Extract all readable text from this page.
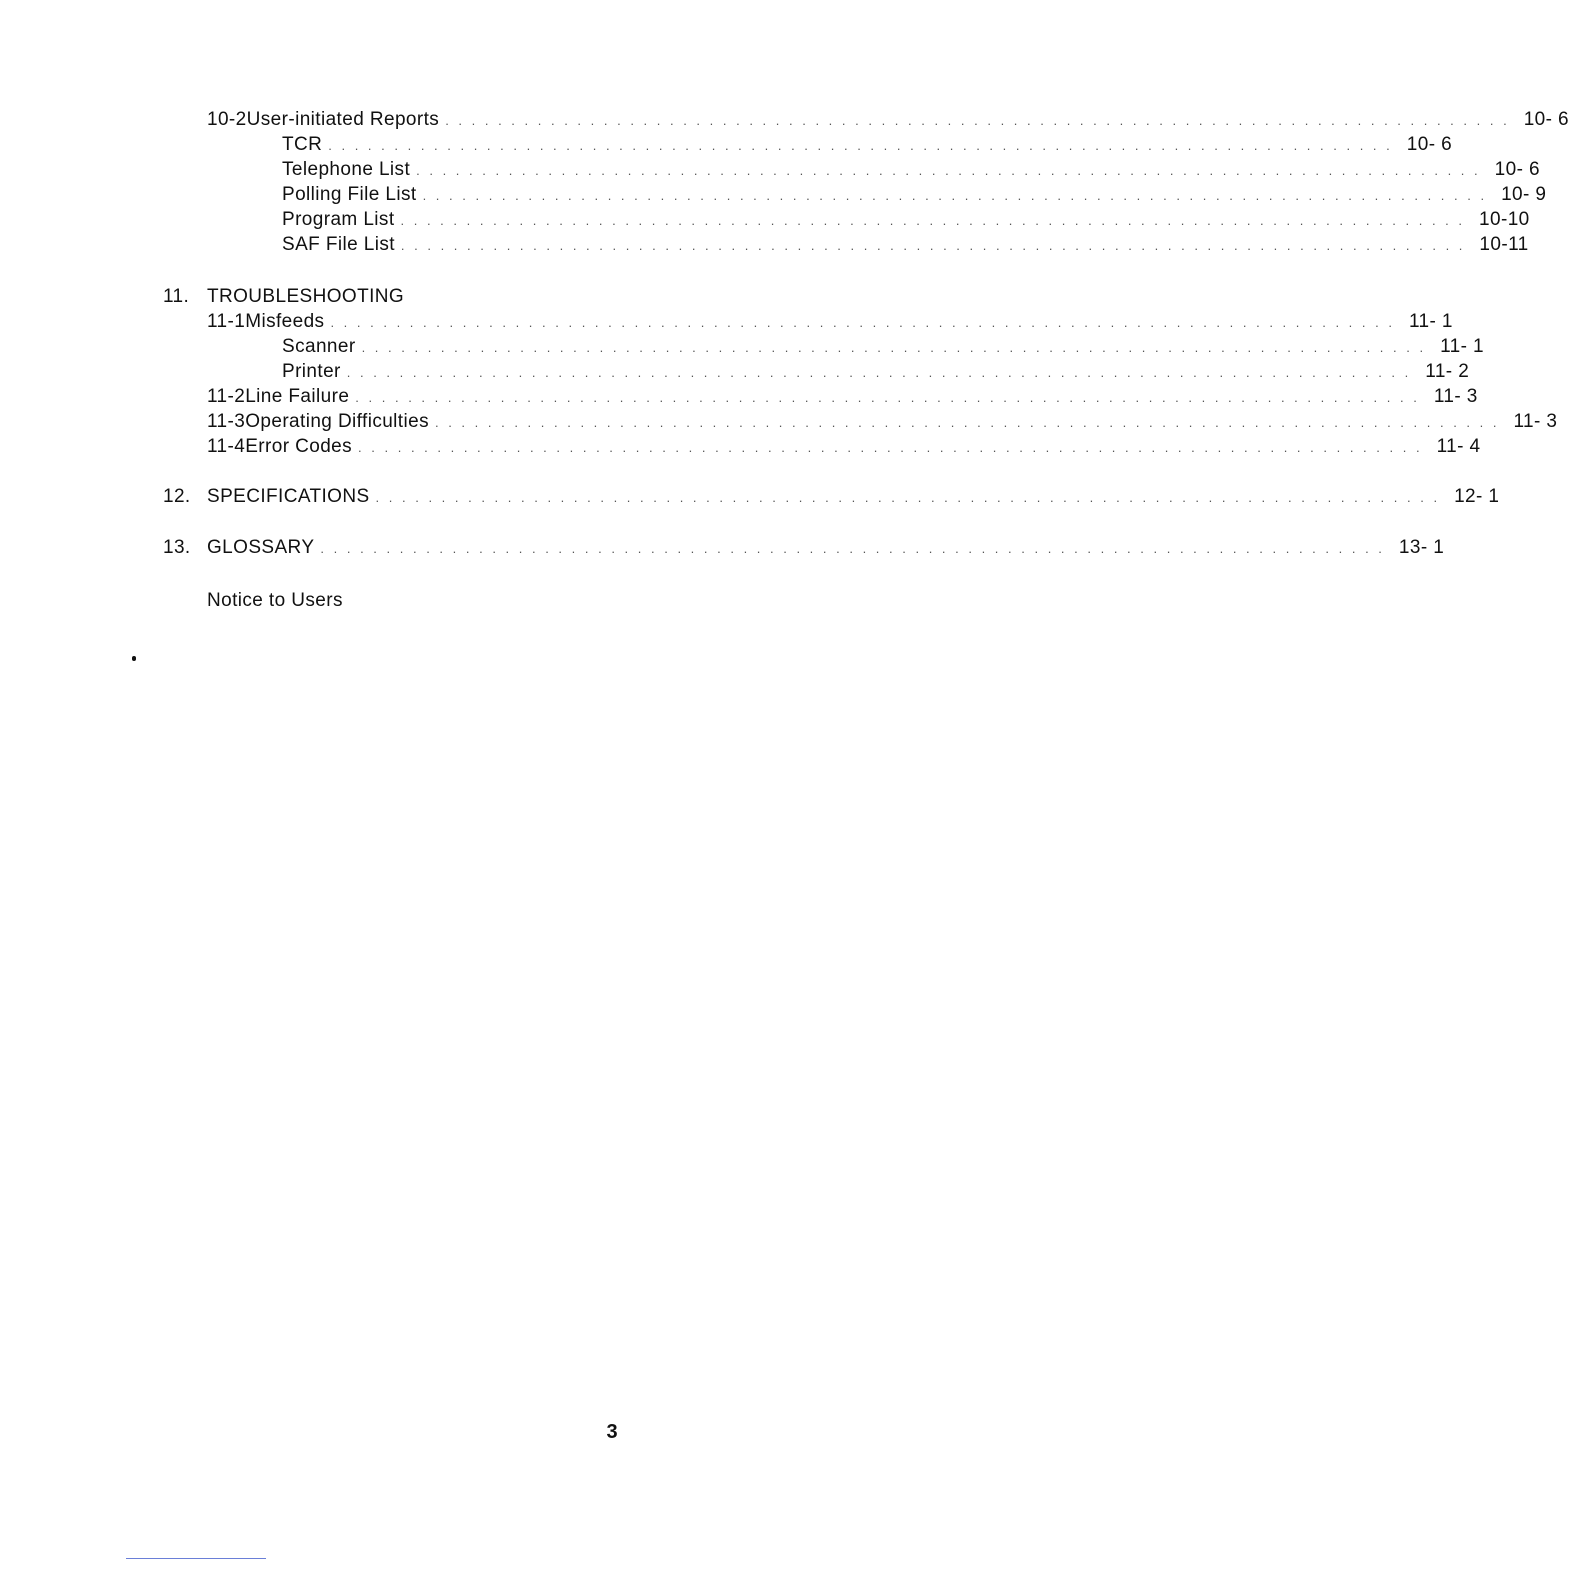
10-2 User-initiated Reports . . . . . . . . . . . . . . . . . . . . . . . . . . . . . . . . . . . . . . . . . . . . . . . . . . . . . . . . . . . . . . . . . . . . . . . . . . . . . . . . . 10- 6
TCR . . . . . . . . . . . . . . . . . . . . . . . . . . . . . . . . . . . . . . . . . . . . . . . . . . . . . . . . . . . . . . . . . . . . . . . . . . . . . . . . . 10- 6
Telephone List . . . . . . . . . . . . . . . . . . . . . . . . . . . . . . . . . . . . . . . . . . . . . . . . . . . . . . . . . . . . . . . . . . . . . . . . . . . . . . . . . 10- 6
Polling File List . . . . . . . . . . . . . . . . . . . . . . . . . . . . . . . . . . . . . . . . . . . . . . . . . . . . . . . . . . . . . . . . . . . . . . . . . . . . . . . . . 10- 9
Program List . . . . . . . . . . . . . . . . . . . . . . . . . . . . . . . . . . . . . . . . . . . . . . . . . . . . . . . . . . . . . . . . . . . . . . . . . . . . . . . . . 10-10
SAF File List . . . . . . . . . . . . . . . . . . . . . . . . . . . . . . . . . . . . . . . . . . . . . . . . . . . . . . . . . . . . . . . . . . . . . . . . . . . . . . . . . 10-11
11. TROUBLESHOOTING
11-1 Misfeeds . . . . . . . . . . . . . . . . . . . . . . . . . . . . . . . . . . . . . . . . . . . . . . . . . . . . . . . . . . . . . . . . . . . . . . . . . . . . . . . . . 11- 1
Scanner . . . . . . . . . . . . . . . . . . . . . . . . . . . . . . . . . . . . . . . . . . . . . . . . . . . . . . . . . . . . . . . . . . . . . . . . . . . . . . . . . 11- 1
Printer . . . . . . . . . . . . . . . . . . . . . . . . . . . . . . . . . . . . . . . . . . . . . . . . . . . . . . . . . . . . . . . . . . . . . . . . . . . . . . . . . 11- 2
11-2 Line Failure . . . . . . . . . . . . . . . . . . . . . . . . . . . . . . . . . . . . . . . . . . . . . . . . . . . . . . . . . . . . . . . . . . . . . . . . . . . . . . . . . 11- 3
11-3 Operating Difficulties . . . . . . . . . . . . . . . . . . . . . . . . . . . . . . . . . . . . . . . . . . . . . . . . . . . . . . . . . . . . . . . . . . . . . . . . . . . . . . . . . 11- 3
11-4 Error Codes . . . . . . . . . . . . . . . . . . . . . . . . . . . . . . . . . . . . . . . . . . . . . . . . . . . . . . . . . . . . . . . . . . . . . . . . . . . . . . . . . 11- 4
12. SPECIFICATIONS . . . . . . . . . . . . . . . . . . . . . . . . . . . . . . . . . . . . . . . . . . . . . . . . . . . . . . . . . . . . . . . . . . . . . . . . . . . . . . . . . 12- 1
13. GLOSSARY . . . . . . . . . . . . . . . . . . . . . . . . . . . . . . . . . . . . . . . . . . . . . . . . . . . . . . . . . . . . . . . . . . . . . . . . . . . . . . . . . 13- 1
Notice to Users
3
